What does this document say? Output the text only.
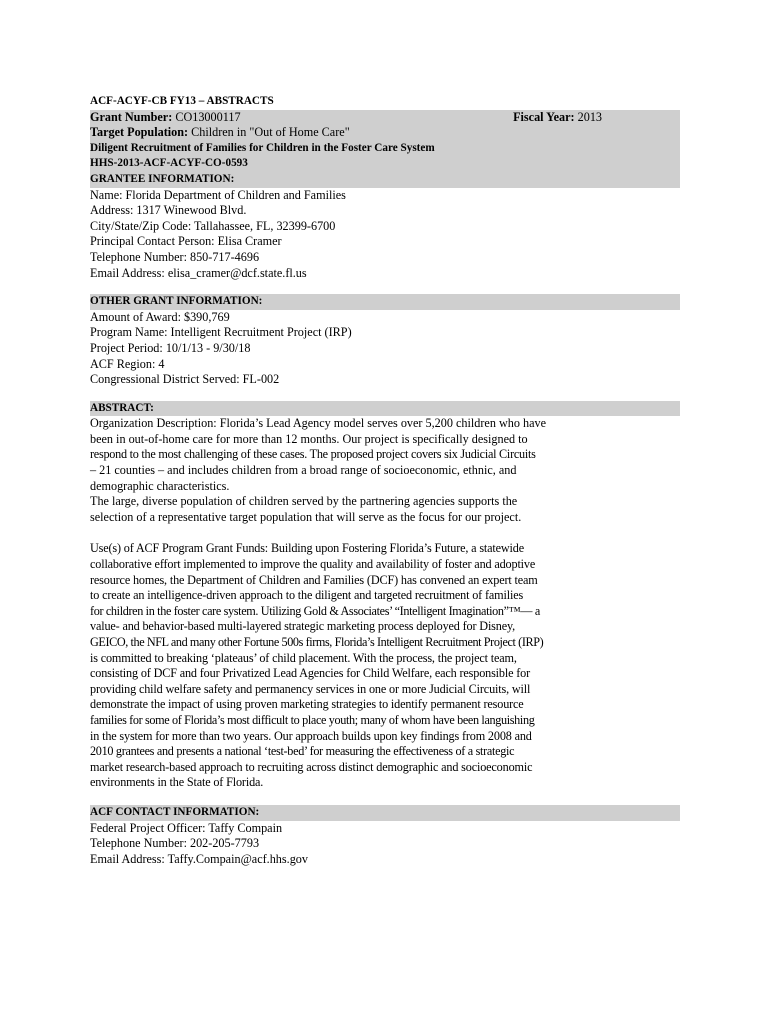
ACF-ACYF-CB FY13 – ABSTRACTS
Grant Number: CO13000117	Fiscal Year: 2013
Target Population: Children in "Out of Home Care"
Diligent Recruitment of Families for Children in the Foster Care System
HHS-2013-ACF-ACYF-CO-0593
GRANTEE INFORMATION:
Name: Florida Department of Children and Families
Address: 1317 Winewood Blvd.
City/State/Zip Code: Tallahassee, FL, 32399-6700
Principal Contact Person: Elisa Cramer
Telephone Number: 850-717-4696
Email Address: elisa_cramer@dcf.state.fl.us
OTHER GRANT INFORMATION:
Amount of Award: $390,769
Program Name: Intelligent Recruitment Project (IRP)
Project Period: 10/1/13 - 9/30/18
ACF Region: 4
Congressional District Served: FL-002
ABSTRACT:
Organization Description: Florida’s Lead Agency model serves over 5,200 children who have
been in out-of-home care for more than 12 months. Our project is specifically designed to
respond to the most challenging of these cases. The proposed project covers six Judicial Circuits
– 21 counties – and includes children from a broad range of socioeconomic, ethnic, and
demographic characteristics.
The large, diverse population of children served by the partnering agencies supports the
selection of a representative target population that will serve as the focus for our project.
Use(s) of ACF Program Grant Funds: Building upon Fostering Florida’s Future, a statewide
collaborative effort implemented to improve the quality and availability of foster and adoptive
resource homes, the Department of Children and Families (DCF) has convened an expert team
to create an intelligence-driven approach to the diligent and targeted recruitment of families
for children in the foster care system. Utilizing Gold & Associates’ “Intelligent Imagination”™— a
value- and behavior-based multi-layered strategic marketing process deployed for Disney,
GEICO, the NFL and many other Fortune 500s firms, Florida’s Intelligent Recruitment Project (IRP)
is committed to breaking ‘plateaus’ of child placement. With the process, the project team,
consisting of DCF and four Privatized Lead Agencies for Child Welfare, each responsible for
providing child welfare safety and permanency services in one or more Judicial Circuits, will
demonstrate the impact of using proven marketing strategies to identify permanent resource
families for some of Florida’s most difficult to place youth; many of whom have been languishing
in the system for more than two years. Our approach builds upon key findings from 2008 and
2010 grantees and presents a national ‘test-bed’ for measuring the effectiveness of a strategic
market research-based approach to recruiting across distinct demographic and socioeconomic
environments in the State of Florida.
ACF CONTACT INFORMATION:
Federal Project Officer: Taffy Compain
Telephone Number: 202-205-7793
Email Address: Taffy.Compain@acf.hhs.gov
